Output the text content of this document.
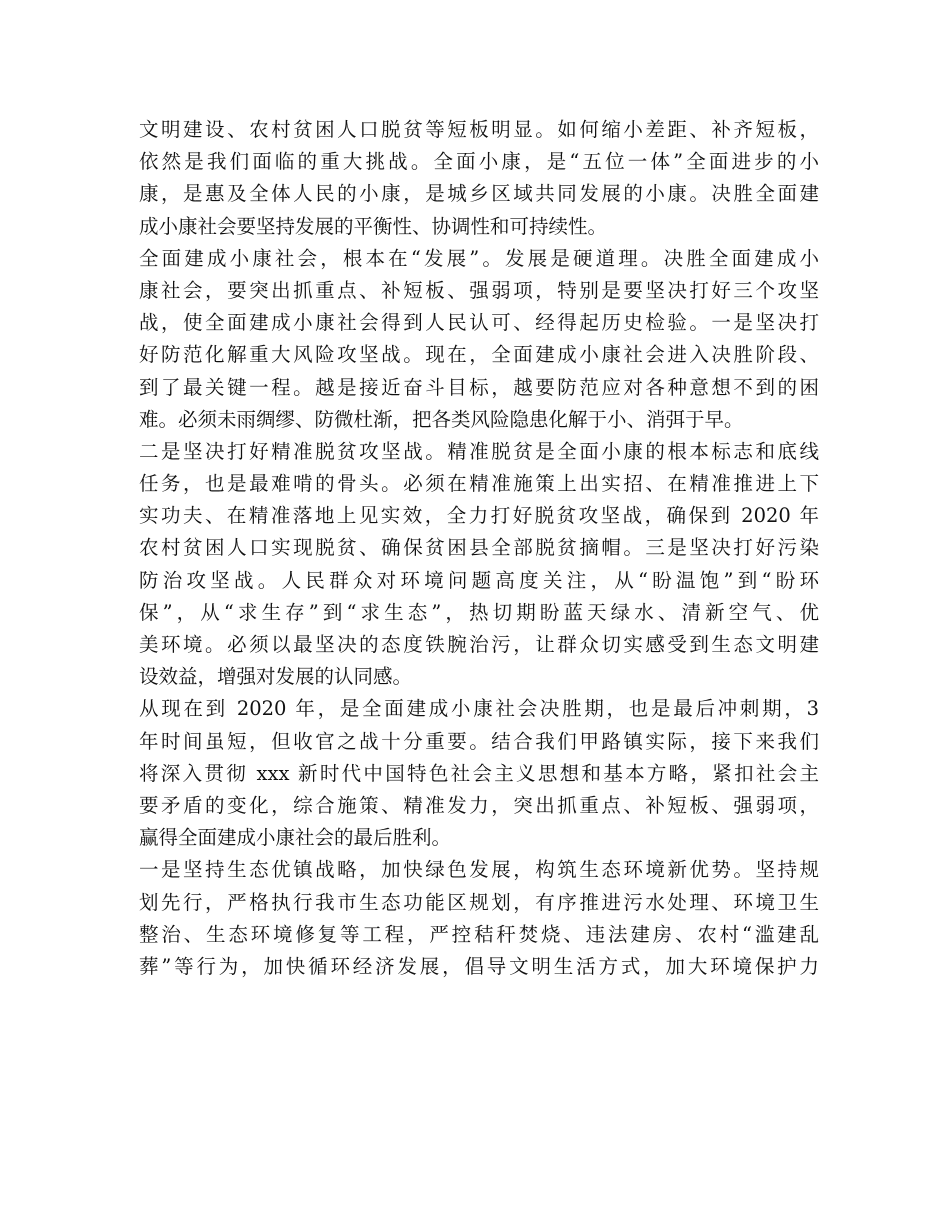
文明建设、农村贫困人口脱贫等短板明显。如何缩小差距、补齐短板，
依然是我们面临的重大挑战。全面小康，是“五位一体”全面进步的小
康，是惠及全体人民的小康，是城乡区域共同发展的小康。决胜全面建
成小康社会要坚持发展的平衡性、协调性和可持续性。
全面建成小康社会，根本在“发展”。发展是硬道理。决胜全面建成小
康社会，要突出抓重点、补短板、强弱项，特别是要坚决打好三个攻坚
战，使全面建成小康社会得到人民认可、经得起历史检验。一是坚决打
好防范化解重大风险攻坚战。现在，全面建成小康社会进入决胜阶段、
到了最关键一程。越是接近奋斗目标，越要防范应对各种意想不到的困
难。必须未雨绸缪、防微杜渐，把各类风险隐患化解于小、消弭于早。
二是坚决打好精准脱贫攻坚战。精准脱贫是全面小康的根本标志和底线
任务，也是最难啃的骨头。必须在精准施策上出实招、在精准推进上下
实功夫、在精准落地上见实效，全力打好脱贫攻坚战，确保到 2020 年
农村贫困人口实现脱贫、确保贫困县全部脱贫摘帽。三是坚决打好污染
防治攻坚战。人民群众对环境问题高度关注，从“盼温饱”到“盼环
保”，从“求生存”到“求生态”，热切期盼蓝天绿水、清新空气、优
美环境。必须以最坚决的态度铁腕治污，让群众切实感受到生态文明建
设效益，增强对发展的认同感。
从现在到 2020 年，是全面建成小康社会决胜期，也是最后冲刺期，3
年时间虽短，但收官之战十分重要。结合我们甲路镇实际，接下来我们
将深入贯彻 xxx 新时代中国特色社会主义思想和基本方略，紧扣社会主
要矛盾的变化，综合施策、精准发力，突出抓重点、补短板、强弱项，
赢得全面建成小康社会的最后胜利。
一是坚持生态优镇战略，加快绿色发展，构筑生态环境新优势。坚持规
划先行，严格执行我市生态功能区规划，有序推进污水处理、环境卫生
整治、生态环境修复等工程，严控秸秆焚烧、违法建房、农村“滥建乱
葬”等行为，加快循环经济发展，倡导文明生活方式，加大环境保护力
